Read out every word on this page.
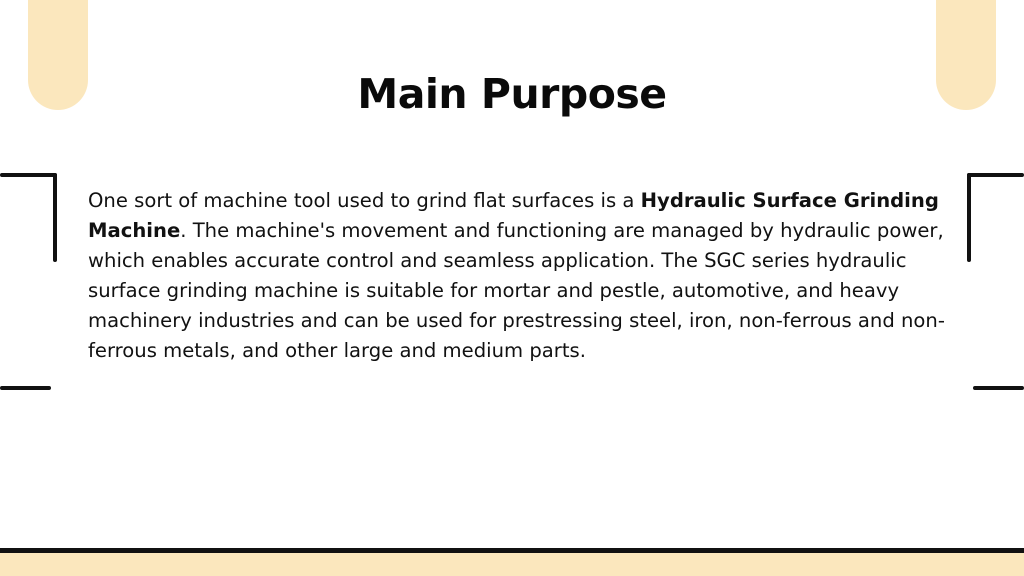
Main Purpose

One sort of machine tool used to grind flat surfaces is a Hydraulic Surface Grinding Machine. The machine's movement and functioning are managed by hydraulic power, which enables accurate control and seamless application. The SGC series hydraulic surface grinding machine is suitable for mortar and pestle, automotive, and heavy machinery industries and can be used for prestressing steel, iron, non-ferrous and non-ferrous metals, and other large and medium parts.
